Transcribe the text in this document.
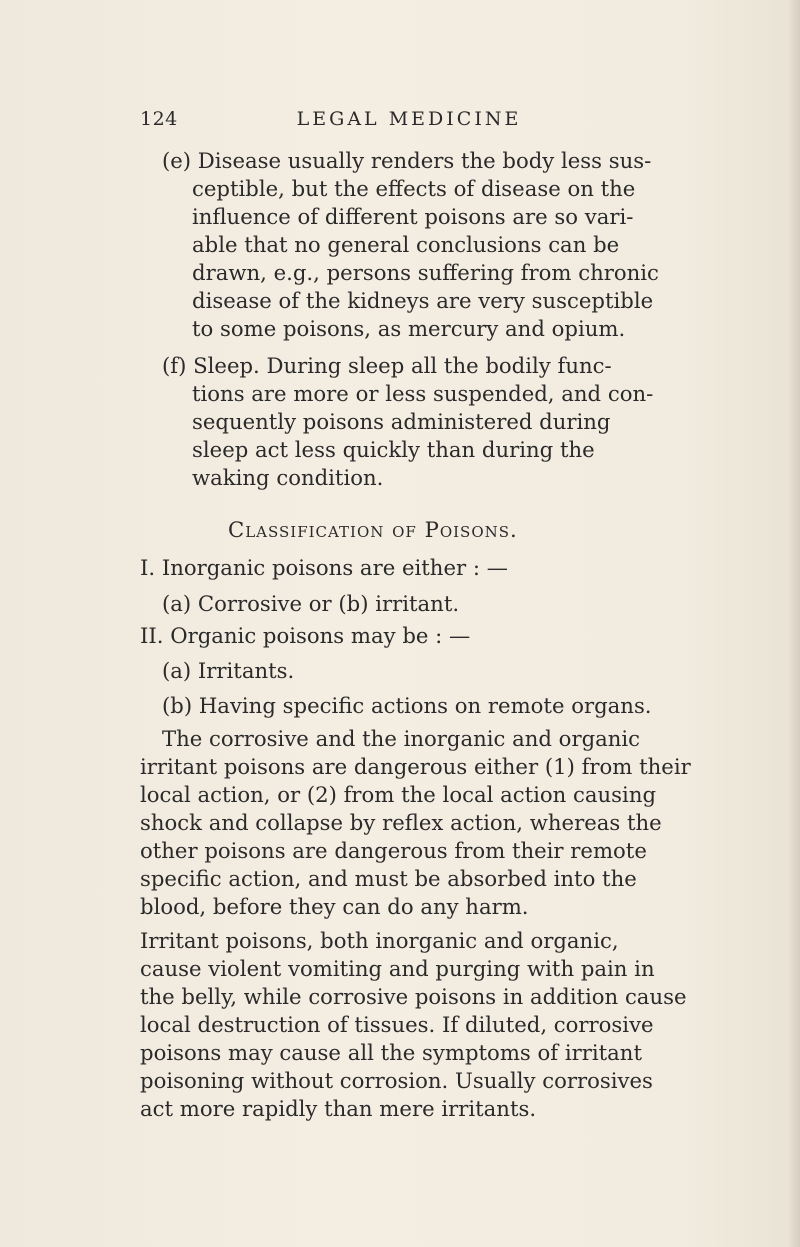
124	LEGAL MEDICINE
(e) Disease usually renders the body less sus-
ceptible, but the effects of disease on the
influence of different poisons are so vari-
able that no general conclusions can be
drawn, e.g., persons suffering from chronic
disease of the kidneys are very susceptible
to some poisons, as mercury and opium.
(f) Sleep. During sleep all the bodily func-
tions are more or less suspended, and con-
sequently poisons administered during
sleep act less quickly than during the
waking condition.
Classification of Poisons.
I. Inorganic poisons are either : —
(a) Corrosive or (b) irritant.
II. Organic poisons may be : —
(a) Irritants.
(b) Having specific actions on remote organs.
The corrosive and the inorganic and organic
irritant poisons are dangerous either (1) from their
local action, or (2) from the local action causing
shock and collapse by reflex action, whereas the
other poisons are dangerous from their remote
specific action, and must be absorbed into the
blood, before they can do any harm.
Irritant poisons, both inorganic and organic,
cause violent vomiting and purging with pain in
the belly, while corrosive poisons in addition cause
local destruction of tissues. If diluted, corrosive
poisons may cause all the symptoms of irritant
poisoning without corrosion. Usually corrosives
act more rapidly than mere irritants.
